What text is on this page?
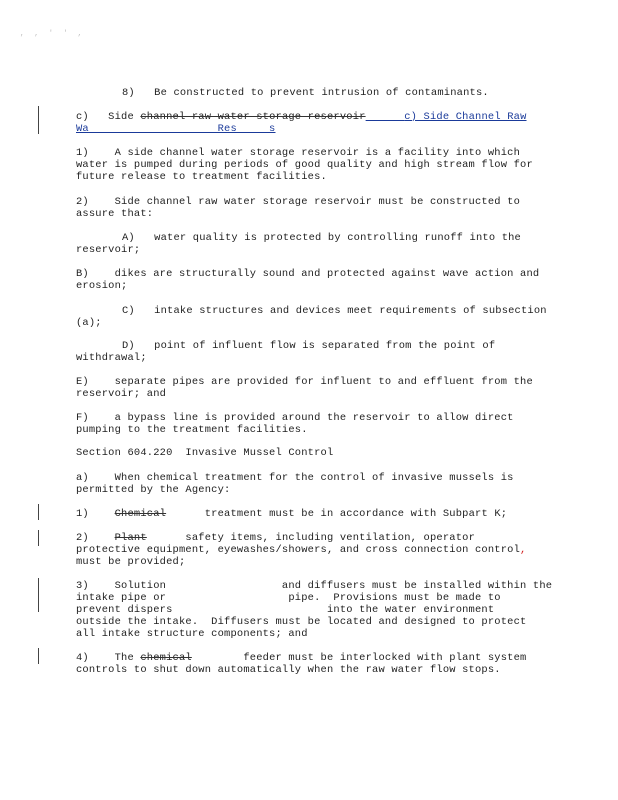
, , ' ' ,
8)   Be constructed to prevent intrusion of contaminants.
c)   Side channel raw water storage reservoir	c) Side Channel Raw
Wa                    Res     s
1)    A side channel water storage reservoir is a facility into which
water is pumped during periods of good quality and high stream flow for
future release to treatment facilities.
2)    Side channel raw water storage reservoir must be constructed to
assure that:
A)   water quality is protected by controlling runoff into the
reservoir;
B)    dikes are structurally sound and protected against wave action and
erosion;
C)   intake structures and devices meet requirements of subsection
(a);
D)   point of influent flow is separated from the point of
withdrawal;
E)    separate pipes are provided for influent to and effluent from the
reservoir; and
F)    a bypass line is provided around the reservoir to allow direct
pumping to the treatment facilities.
Section 604.220  Invasive Mussel Control
a)    When chemical treatment for the control of invasive mussels is
permitted by the Agency:
1)    Chemical      treatment must be in accordance with Subpart K;
2)    Plant      safety items, including ventilation, operator
protective equipment, eyewashes/showers, and cross connection control,
must be provided;
3)    Solution                  and diffusers must be installed within the
intake pipe or                   pipe.  Provisions must be made to
prevent dispers                        into the water environment
outside the intake.  Diffusers must be located and designed to protect
all intake structure components; and
4)    The chemical        feeder must be interlocked with plant system
controls to shut down automatically when the raw water flow stops.
